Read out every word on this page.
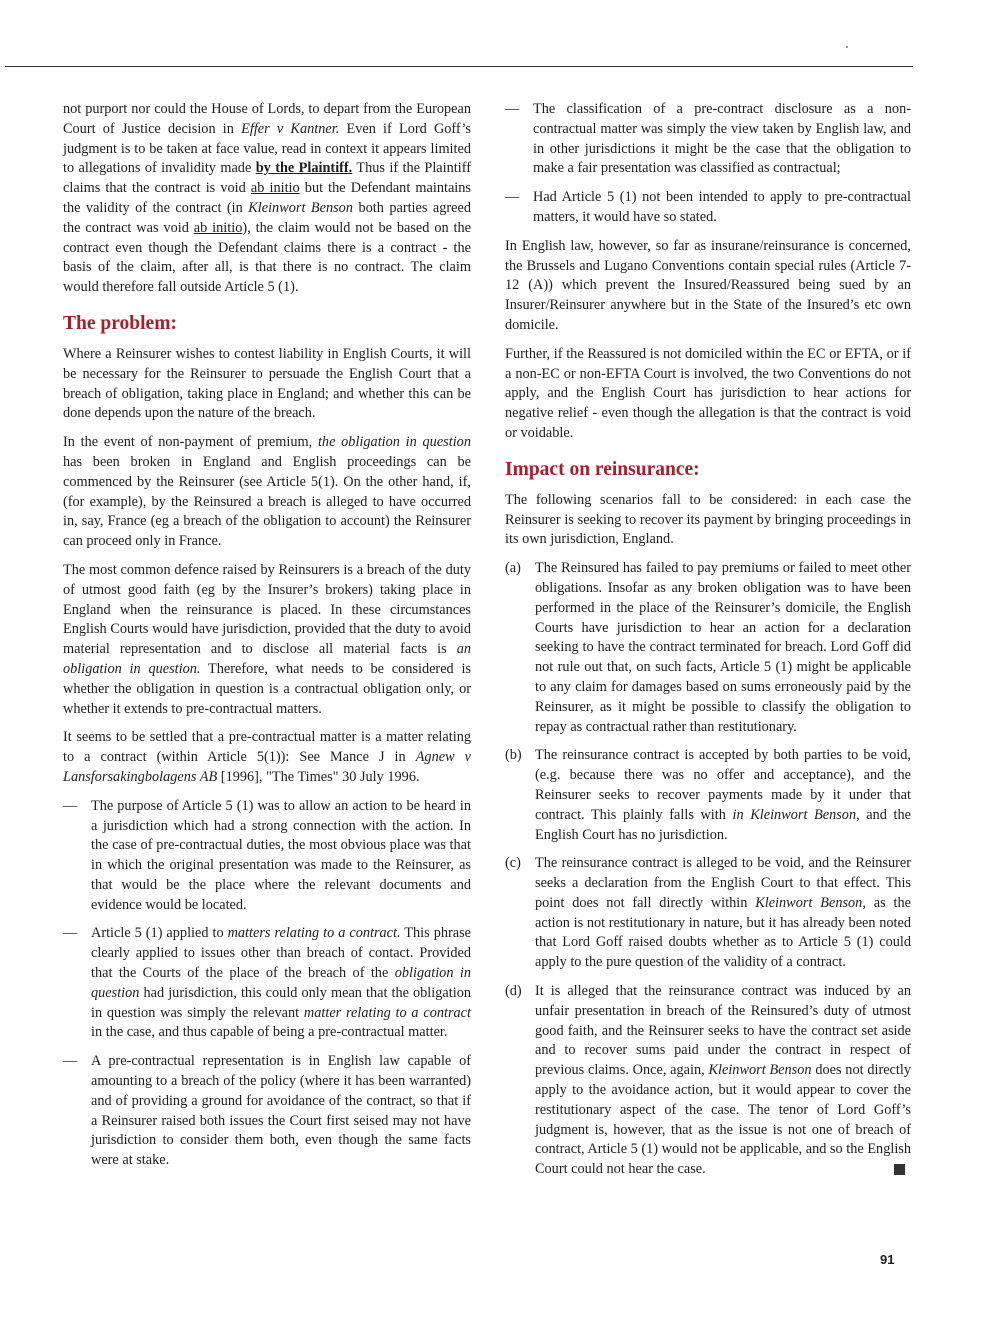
not purport nor could the House of Lords, to depart from the European Court of Justice decision in Effer v Kantner. Even if Lord Goff’s judgment is to be taken at face value, read in context it appears limited to allegations of invalidity made by the Plaintiff. Thus if the Plaintiff claims that the contract is void ab initio but the Defendant maintains the validity of the contract (in Kleinwort Benson both parties agreed the contract was void ab initio), the claim would not be based on the contract even though the Defendant claims there is a contract - the basis of the claim, after all, is that there is no contract. The claim would therefore fall outside Article 5 (1).

The problem:

Where a Reinsurer wishes to contest liability in English Courts, it will be necessary for the Reinsurer to persuade the English Court that a breach of obligation, taking place in England; and whether this can be done depends upon the nature of the breach.

In the event of non-payment of premium, the obligation in question has been broken in England and English proceedings can be commenced by the Reinsurer (see Article 5(1). On the other hand, if, (for example), by the Reinsured a breach is alleged to have occurred in, say, France (eg a breach of the obligation to account) the Reinsurer can proceed only in France.

The most common defence raised by Reinsurers is a breach of the duty of utmost good faith (eg by the Insurer’s brokers) taking place in England when the reinsurance is placed. In these circumstances English Courts would have jurisdiction, provided that the duty to avoid material representation and to disclose all material facts is an obligation in question. Therefore, what needs to be considered is whether the obligation in question is a contractual obligation only, or whether it extends to pre-contractual matters.

It seems to be settled that a pre-contractual matter is a matter relating to a contract (within Article 5(1)): See Mance J in Agnew v Lansforsakingbolagens AB [1996], "The Times" 30 July 1996.

— The purpose of Article 5 (1) was to allow an action to be heard in a jurisdiction which had a strong connection with the action. In the case of pre-contractual duties, the most obvious place was that in which the original presentation was made to the Reinsurer, as that would be the place where the relevant documents and evidence would be located.
— Article 5 (1) applied to matters relating to a contract. This phrase clearly applied to issues other than breach of contact. Provided that the Courts of the place of the breach of the obligation in question had jurisdiction, this could only mean that the obligation in question was simply the relevant matter relating to a contract in the case, and thus capable of being a pre-contractual matter.
— A pre-contractual representation is in English law capable of amounting to a breach of the policy (where it has been warranted) and of providing a ground for avoidance of the contract, so that if a Reinsurer raised both issues the Court first seised may not have jurisdiction to consider them both, even though the same facts were at stake.
— The classification of a pre-contract disclosure as a non-contractual matter was simply the view taken by English law, and in other jurisdictions it might be the case that the obligation to make a fair presentation was classified as contractual;
— Had Article 5 (1) not been intended to apply to pre-contractual matters, it would have so stated.

In English law, however, so far as insurane/reinsurance is concerned, the Brussels and Lugano Conventions contain special rules (Article 7-12 (A)) which prevent the Insured/Reassured being sued by an Insurer/Reinsurer anywhere but in the State of the Insured’s etc own domicile.

Further, if the Reassured is not domiciled within the EC or EFTA, or if a non-EC or non-EFTA Court is involved, the two Conventions do not apply, and the English Court has jurisdiction to hear actions for negative relief - even though the allegation is that the contract is void or voidable.

Impact on reinsurance:

The following scenarios fall to be considered: in each case the Reinsurer is seeking to recover its payment by bringing proceedings in its own jurisdiction, England.

(a) The Reinsured has failed to pay premiums or failed to meet other obligations. Insofar as any broken obligation was to have been performed in the place of the Reinsurer’s domicile, the English Courts have jurisdiction to hear an action for a declaration seeking to have the contract terminated for breach. Lord Goff did not rule out that, on such facts, Article 5 (1) might be applicable to any claim for damages based on sums erroneously paid by the Reinsurer, as it might be possible to classify the obligation to repay as contractual rather than restitutionary.
(b) The reinsurance contract is accepted by both parties to be void, (e.g. because there was no offer and acceptance), and the Reinsurer seeks to recover payments made by it under that contract. This plainly falls with in Kleinwort Benson, and the English Court has no jurisdiction.
(c) The reinsurance contract is alleged to be void, and the Reinsurer seeks a declaration from the English Court to that effect. This point does not fall directly within Kleinwort Benson, as the action is not restitutionary in nature, but it has already been noted that Lord Goff raised doubts whether as to Article 5 (1) could apply to the pure question of the validity of a contract.
(d) It is alleged that the reinsurance contract was induced by an unfair presentation in breach of the Reinsured’s duty of utmost good faith, and the Reinsurer seeks to have the contract set aside and to recover sums paid under the contract in respect of previous claims. Once, again, Kleinwort Benson does not directly apply to the avoidance action, but it would appear to cover the restitutionary aspect of the case. The tenor of Lord Goff’s judgment is, however, that as the issue is not one of breach of contract, Article 5 (1) would not be applicable, and so the English Court could not hear the case.
91
